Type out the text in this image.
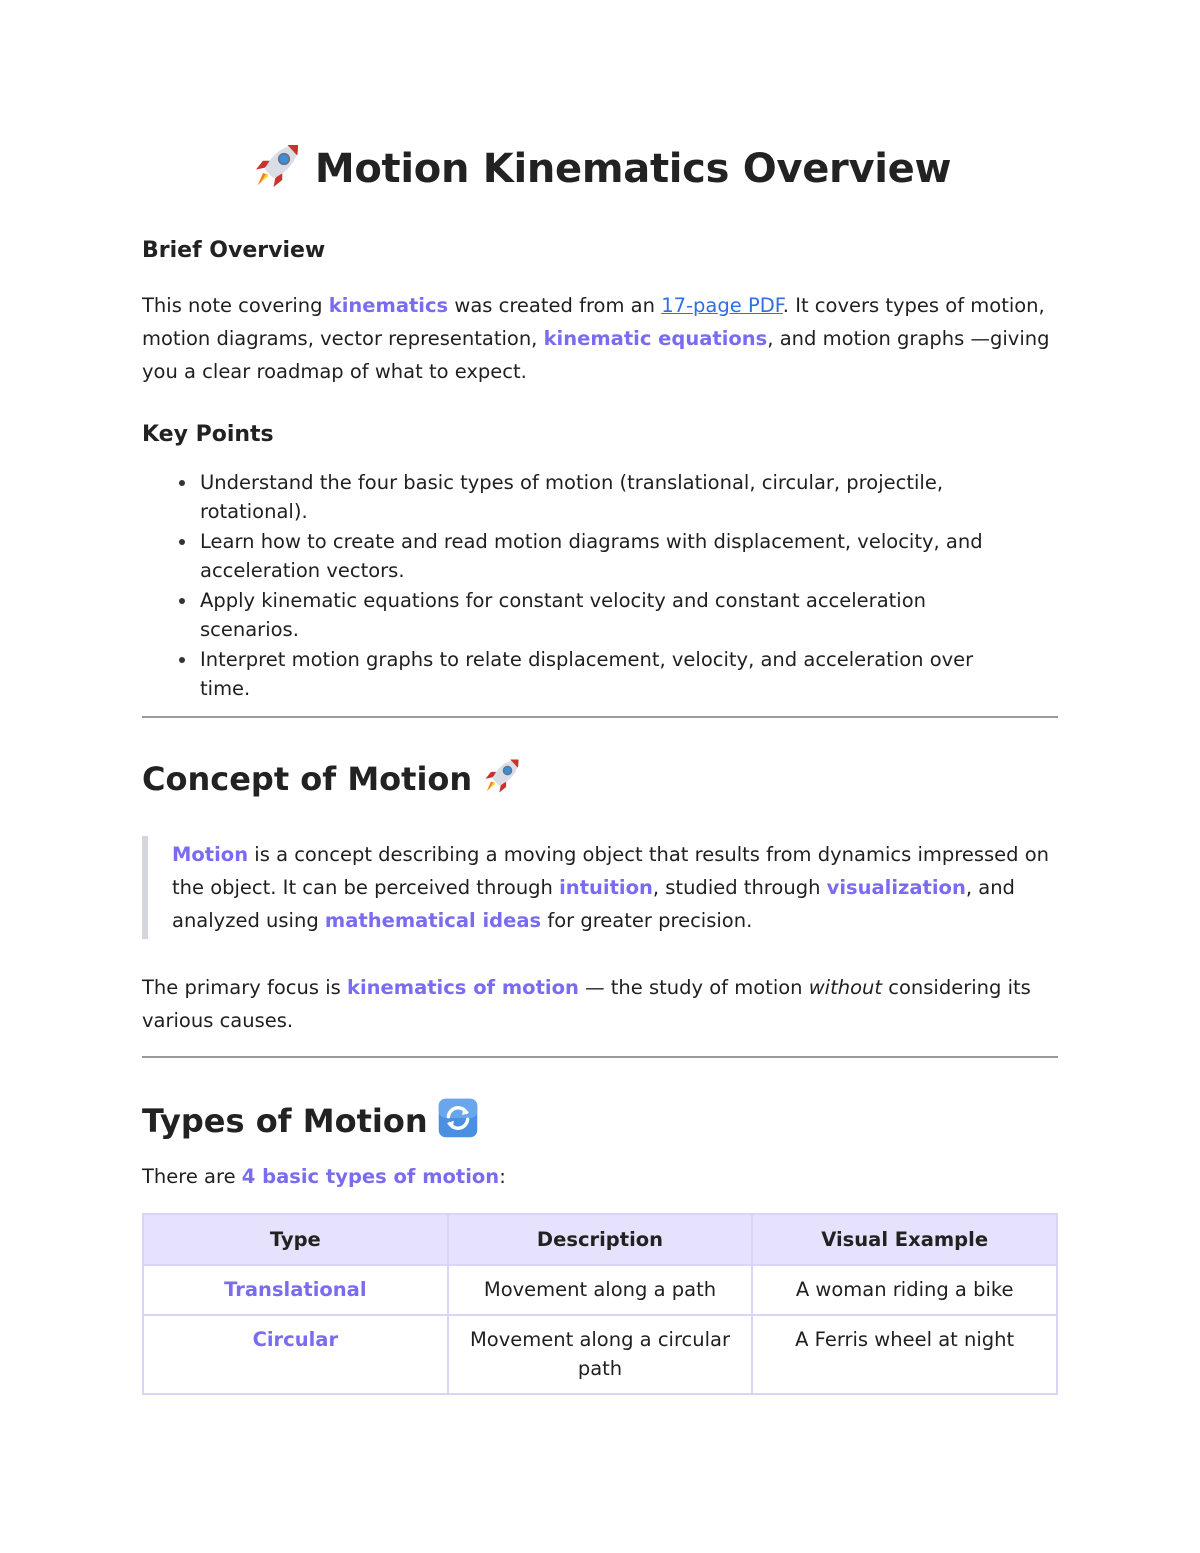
Motion Kinematics Overview
Brief Overview

This note covering kinematics was created from an 17-page PDF. It covers types of motion, motion diagrams, vector representation, kinematic equations, and motion graphs —giving you a clear roadmap of what to expect.

Key Points
Understand the four basic types of motion (translational, circular, projectile, rotational).
Learn how to create and read motion diagrams with displacement, velocity, and acceleration vectors.
Apply kinematic equations for constant velocity and constant acceleration scenarios.
Interpret motion graphs to relate displacement, velocity, and acceleration over time.
Concept of Motion

Motion is a concept describing a moving object that results from dynamics impressed on the object. It can be perceived through intuition, studied through visualization, and analyzed using mathematical ideas for greater precision.

The primary focus is kinematics of motion — the study of motion without considering its various causes.

Types of Motion

There are 4 basic types of motion:

Type	Description	Visual Example
Translational	Movement along a path	A woman riding a bike
Circular	Movement along a circular path	A Ferris wheel at night
